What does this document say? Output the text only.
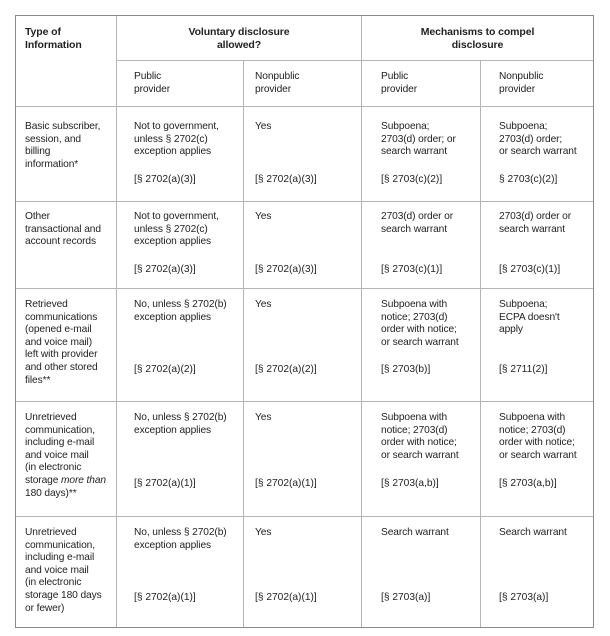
Type of
Information
Voluntary disclosure
allowed?
Mechanisms to compel
disclosure
Public
provider
Nonpublic
provider
Public
provider
Nonpublic
provider
Basic subscriber,
session, and
billing
information*
Not to government,
unless § 2702(c)
exception applies
[§ 2702(a)(3)]
Yes
[§ 2702(a)(3)]
Subpoena;
2703(d) order; or
search warrant
[§ 2703(c)(2)]
Subpoena;
2703(d) order;
or search warrant
§ 2703(c)(2)]
Other
transactional and
account records
Not to government,
unless § 2702(c)
exception applies
[§ 2702(a)(3)]
Yes
[§ 2702(a)(3)]
2703(d) order or
search warrant
[§ 2703(c)(1)]
2703(d) order or
search warrant
[§ 2703(c)(1)]
Retrieved
communications
(opened e-mail
and voice mail)
left with provider
and other stored
files**
No, unless § 2702(b)
exception applies
[§ 2702(a)(2)]
Yes
[§ 2702(a)(2)]
Subpoena with
notice; 2703(d)
order with notice;
or search warrant
[§ 2703(b)]
Subpoena;
ECPA doesn't
apply
[§ 2711(2)]
Unretrieved
communication,
including e-mail
and voice mail
(in electronic
storage more than
180 days)**
No, unless § 2702(b)
exception applies
[§ 2702(a)(1)]
Yes
[§ 2702(a)(1)]
Subpoena with
notice; 2703(d)
order with notice;
or search warrant
[§ 2703(a,b)]
Subpoena with
notice; 2703(d)
order with notice;
or search warrant
[§ 2703(a,b)]
Unretrieved
communication,
including e-mail
and voice mail
(in electronic
storage 180 days
or fewer)
No, unless § 2702(b)
exception applies
[§ 2702(a)(1)]
Yes
[§ 2702(a)(1)]
Search warrant
[§ 2703(a)]
Search warrant
[§ 2703(a)]
